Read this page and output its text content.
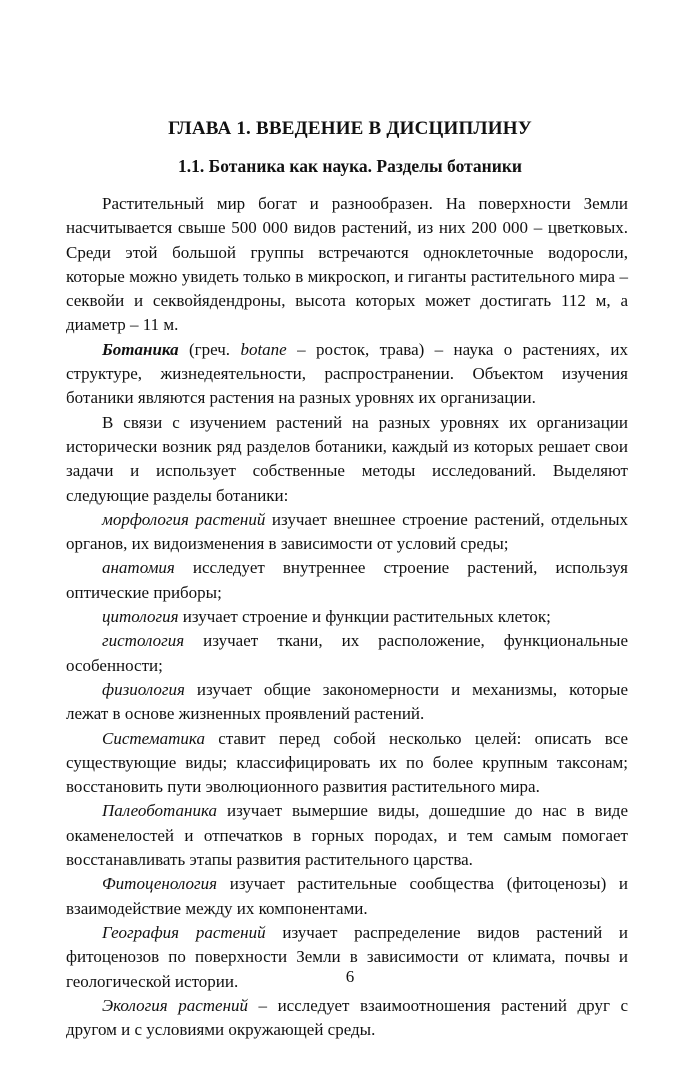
ГЛАВА 1. ВВЕДЕНИЕ В ДИСЦИПЛИНУ
1.1. Ботаника как наука. Разделы ботаники

Растительный мир богат и разнообразен. На поверхности Земли насчитывается свыше 500 000 видов растений, из них 200 000 – цветковых. Среди этой большой группы встречаются одноклеточные водоросли, которые можно увидеть только в микроскоп, и гиганты растительного мира – секвойи и секвойядендроны, высота которых может достигать 112 м, а диаметр – 11 м.

Ботаника (греч. botane – росток, трава) – наука о растениях, их структуре, жизнедеятельности, распространении. Объектом изучения ботаники являются растения на разных уровнях их организации.

В связи с изучением растений на разных уровнях их организации исторически возник ряд разделов ботаники, каждый из которых решает свои задачи и использует собственные методы исследований. Выделяют следующие разделы ботаники:

морфология растений изучает внешнее строение растений, отдельных органов, их видоизменения в зависимости от условий среды;

анатомия исследует внутреннее строение растений, используя оптические приборы;

цитология изучает строение и функции растительных клеток;

гистология изучает ткани, их расположение, функциональные особенности;

физиология изучает общие закономерности и механизмы, которые лежат в основе жизненных проявлений растений.

Систематика ставит перед собой несколько целей: описать все существующие виды; классифицировать их по более крупным таксонам; восстановить пути эволюционного развития растительного мира.

Палеоботаника изучает вымершие виды, дошедшие до нас в виде окаменелостей и отпечатков в горных породах, и тем самым помогает восстанавливать этапы развития растительного царства.

Фитоценология изучает растительные сообщества (фитоценозы) и взаимодействие между их компонентами.

География растений изучает распределение видов растений и фитоценозов по поверхности Земли в зависимости от климата, почвы и геологической истории.

Экология растений – исследует взаимоотношения растений друг с другом и с условиями окружающей среды.

6
